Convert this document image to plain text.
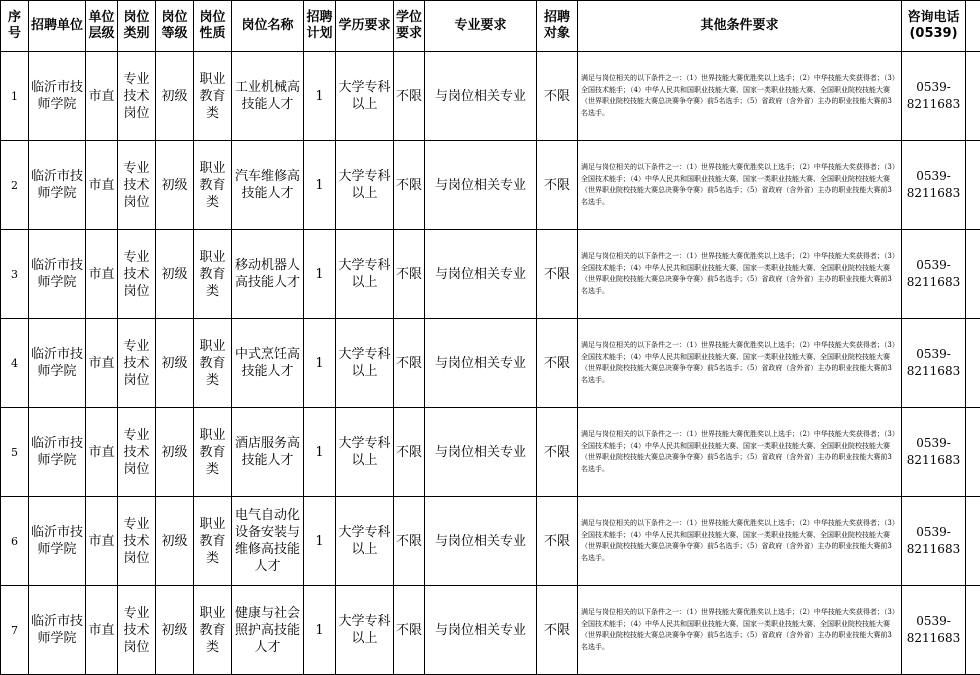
序号	招聘单位	单位层级	岗位类别	岗位等级	岗位性质	岗位名称	招聘计划	学历要求	学位要求	专业要求	招聘对象	其他条件要求	咨询电话(0539)	
1	临沂市技师学院	市直	专业技术岗位	初级	职业教育类	工业机械高技能人才	1	大学专科以上	不限	与岗位相关专业	不限	满足与岗位相关的以下条件之一：（1）世界技能大赛优胜奖以上选手；（2）中华技能大奖获得者；（3）全国技术能手；（4）中华人民共和国职业技能大赛、国家一类职业技能大赛、全国职业院校技能大赛（世界职业院校技能大赛总决赛争夺赛）前5名选手；（5）省政府（含外省）主办的职业技能大赛前3名选手。	0539-8211683	
2	临沂市技师学院	市直	专业技术岗位	初级	职业教育类	汽车维修高技能人才	1	大学专科以上	不限	与岗位相关专业	不限	满足与岗位相关的以下条件之一：（1）世界技能大赛优胜奖以上选手；（2）中华技能大奖获得者；（3）全国技术能手；（4）中华人民共和国职业技能大赛、国家一类职业技能大赛、全国职业院校技能大赛（世界职业院校技能大赛总决赛争夺赛）前5名选手；（5）省政府（含外省）主办的职业技能大赛前3名选手。	0539-8211683	
3	临沂市技师学院	市直	专业技术岗位	初级	职业教育类	移动机器人高技能人才	1	大学专科以上	不限	与岗位相关专业	不限	满足与岗位相关的以下条件之一：（1）世界技能大赛优胜奖以上选手；（2）中华技能大奖获得者；（3）全国技术能手；（4）中华人民共和国职业技能大赛、国家一类职业技能大赛、全国职业院校技能大赛（世界职业院校技能大赛总决赛争夺赛）前5名选手；（5）省政府（含外省）主办的职业技能大赛前3名选手。	0539-8211683	
4	临沂市技师学院	市直	专业技术岗位	初级	职业教育类	中式烹饪高技能人才	1	大学专科以上	不限	与岗位相关专业	不限	满足与岗位相关的以下条件之一：（1）世界技能大赛优胜奖以上选手；（2）中华技能大奖获得者；（3）全国技术能手；（4）中华人民共和国职业技能大赛、国家一类职业技能大赛、全国职业院校技能大赛（世界职业院校技能大赛总决赛争夺赛）前5名选手；（5）省政府（含外省）主办的职业技能大赛前3名选手。	0539-8211683	
5	临沂市技师学院	市直	专业技术岗位	初级	职业教育类	酒店服务高技能人才	1	大学专科以上	不限	与岗位相关专业	不限	满足与岗位相关的以下条件之一：（1）世界技能大赛优胜奖以上选手；（2）中华技能大奖获得者；（3）全国技术能手；（4）中华人民共和国职业技能大赛、国家一类职业技能大赛、全国职业院校技能大赛（世界职业院校技能大赛总决赛争夺赛）前5名选手；（5）省政府（含外省）主办的职业技能大赛前3名选手。	0539-8211683	
6	临沂市技师学院	市直	专业技术岗位	初级	职业教育类	电气自动化设备安装与维修高技能人才	1	大学专科以上	不限	与岗位相关专业	不限	满足与岗位相关的以下条件之一：（1）世界技能大赛优胜奖以上选手；（2）中华技能大奖获得者；（3）全国技术能手；（4）中华人民共和国职业技能大赛、国家一类职业技能大赛、全国职业院校技能大赛（世界职业院校技能大赛总决赛争夺赛）前5名选手；（5）省政府（含外省）主办的职业技能大赛前3名选手。	0539-8211683	
7	临沂市技师学院	市直	专业技术岗位	初级	职业教育类	健康与社会照护高技能人才	1	大学专科以上	不限	与岗位相关专业	不限	满足与岗位相关的以下条件之一：（1）世界技能大赛优胜奖以上选手；（2）中华技能大奖获得者；（3）全国技术能手；（4）中华人民共和国职业技能大赛、国家一类职业技能大赛、全国职业院校技能大赛（世界职业院校技能大赛总决赛争夺赛）前5名选手；（5）省政府（含外省）主办的职业技能大赛前3名选手。	0539-8211683	
